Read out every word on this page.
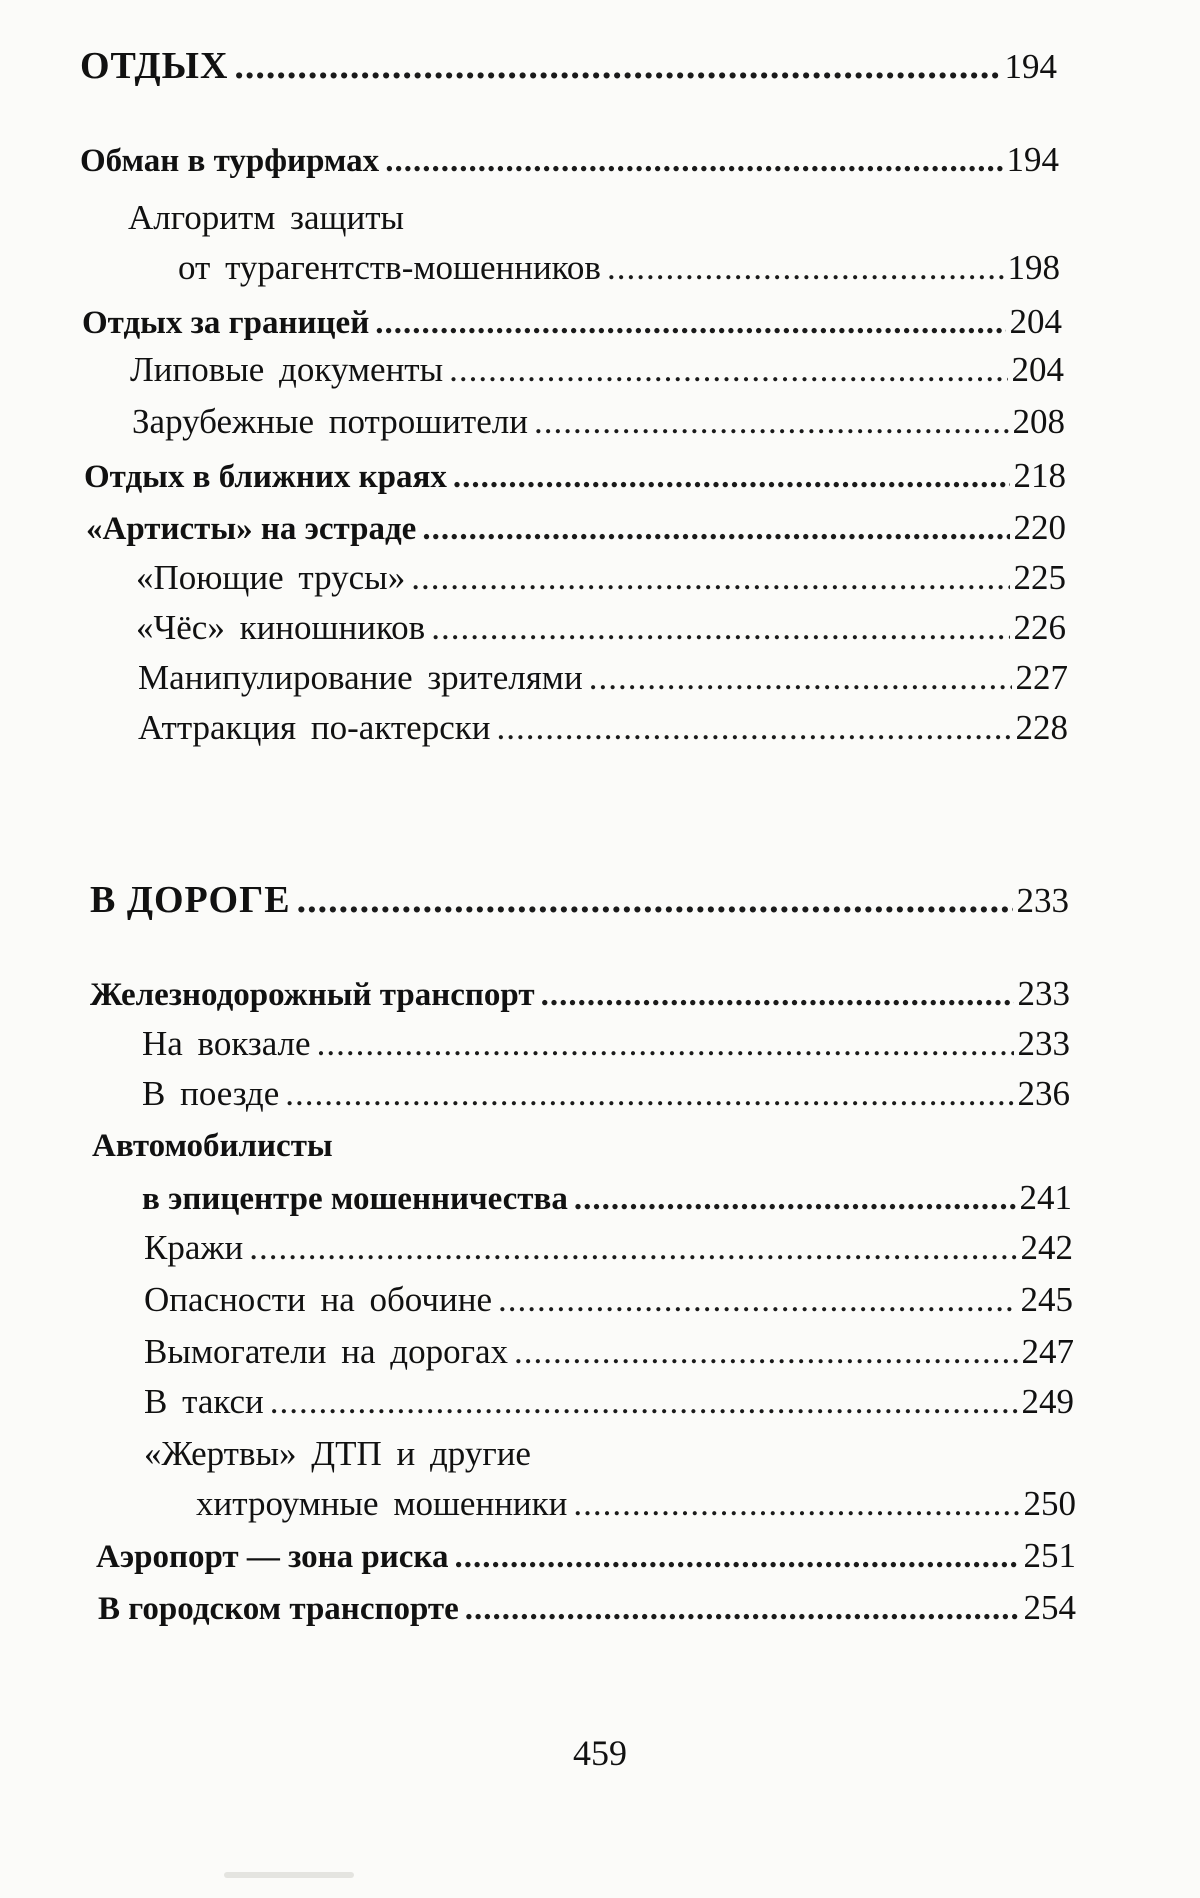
ОТДЫХ .....	194
Обман в турфирмах .....	194
Алгоритм защиты
от турагентств-мошенников .....	198
Отдых за границей .....	204
Липовые документы .....	204
Зарубежные потрошители .....	208
Отдых в ближних краях .....	218
«Артисты» на эстраде .....	220
«Поющие трусы» .....	225
«Чёс» киношников .....	226
Манипулирование зрителями .....	227
Аттракция по-актерски .....	228
В ДОРОГЕ .....	233
Железнодорожный транспорт .....	233
На вокзале .....	233
В поезде .....	236
Автомобилисты
в эпицентре мошенничества .....	241
Кражи .....	242
Опасности на обочине .....	245
Вымогатели на дорогах .....	247
В такси .....	249
«Жертвы» ДТП и другие
хитроумные мошенники .....	250
Аэропорт — зона риска .....	251
В городском транспорте .....	254
459
